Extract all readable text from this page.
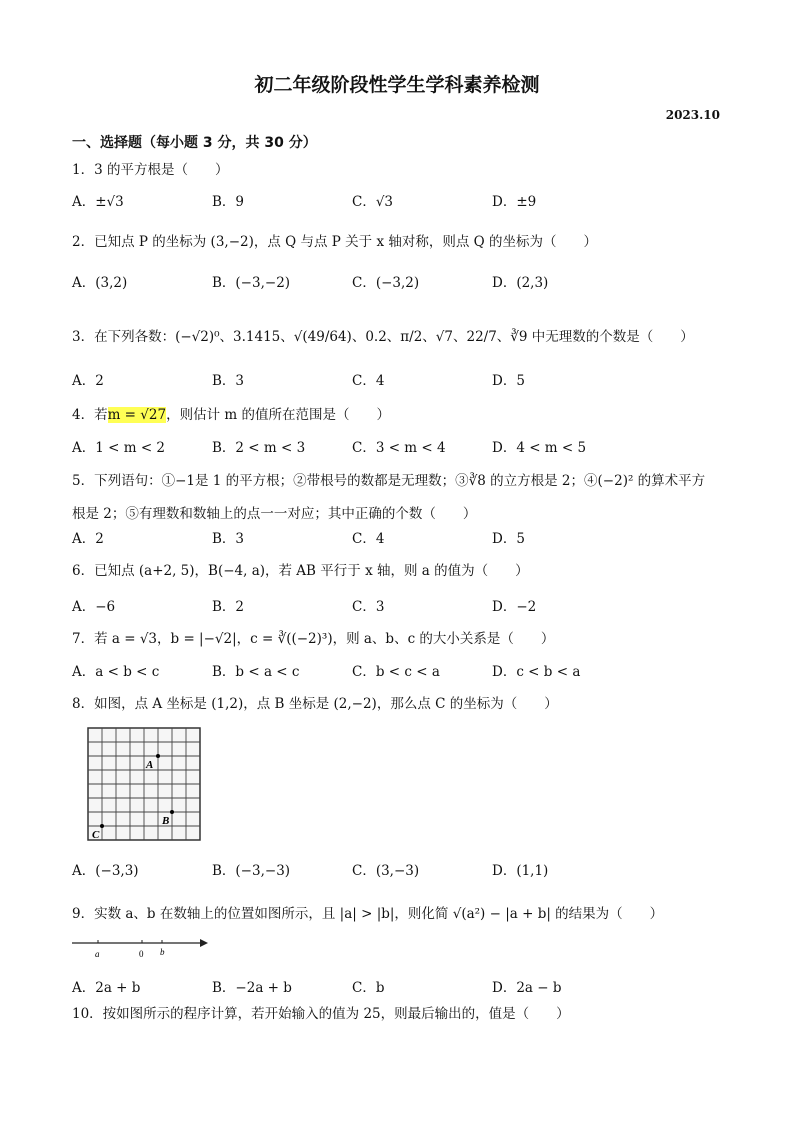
初二年级阶段性学生学科素养检测
2023.10
一、选择题（每小题 3 分，共 30 分）
1．3 的平方根是（　　）
A．±√3	B．9	C．√3	D．±9
2．已知点 P 的坐标为 (3,−2)，点 Q 与点 P 关于 x 轴对称，则点 Q 的坐标为（　　）
A．(3,2)	B．(−3,−2)	C．(−3,2)	D．(2,3)
3．在下列各数：(−√2)⁰、3.1415、√(49/64)、0.2、π/2、√7、22/7、∛9 中无理数的个数是（　　）
A．2	B．3	C．4	D．5
4．若m = √27，则估计 m 的值所在范围是（　　）
A．1 < m < 2	B．2 < m < 3	C．3 < m < 4	D．4 < m < 5
5．下列语句：①−1是 1 的平方根；②带根号的数都是无理数；③∛8 的立方根是 2；④(−2)² 的算术平方
根是 2；⑤有理数和数轴上的点一一对应；其中正确的个数（　　）
A．2	B．3	C．4	D．5
6．已知点 (a+2, 5)，B(−4, a)，若 AB 平行于 x 轴，则 a 的值为（　　）
A．−6	B．2	C．3	D．−2
7．若 a = √3，b = |−√2|，c = ∛((−2)³)，则 a、b、c 的大小关系是（　　）
A．a < b < c	B．b < a < c	C．b < c < a	D．c < b < a
8．如图，点 A 坐标是 (1,2)，点 B 坐标是 (2,−2)，那么点 C 的坐标为（　　）
A
B
C
A．(−3,3)	B．(−3,−3)	C．(3,−3)	D．(1,1)
9．实数 a、b 在数轴上的位置如图所示，且 |a| > |b|，则化简 √(a²) − |a + b| 的结果为（　　）
a	0 b
A．2a + b	B．−2a + b	C．b	D．2a − b
10．按如图所示的程序计算，若开始输入的值为 25，则最后输出的，值是（　　）
